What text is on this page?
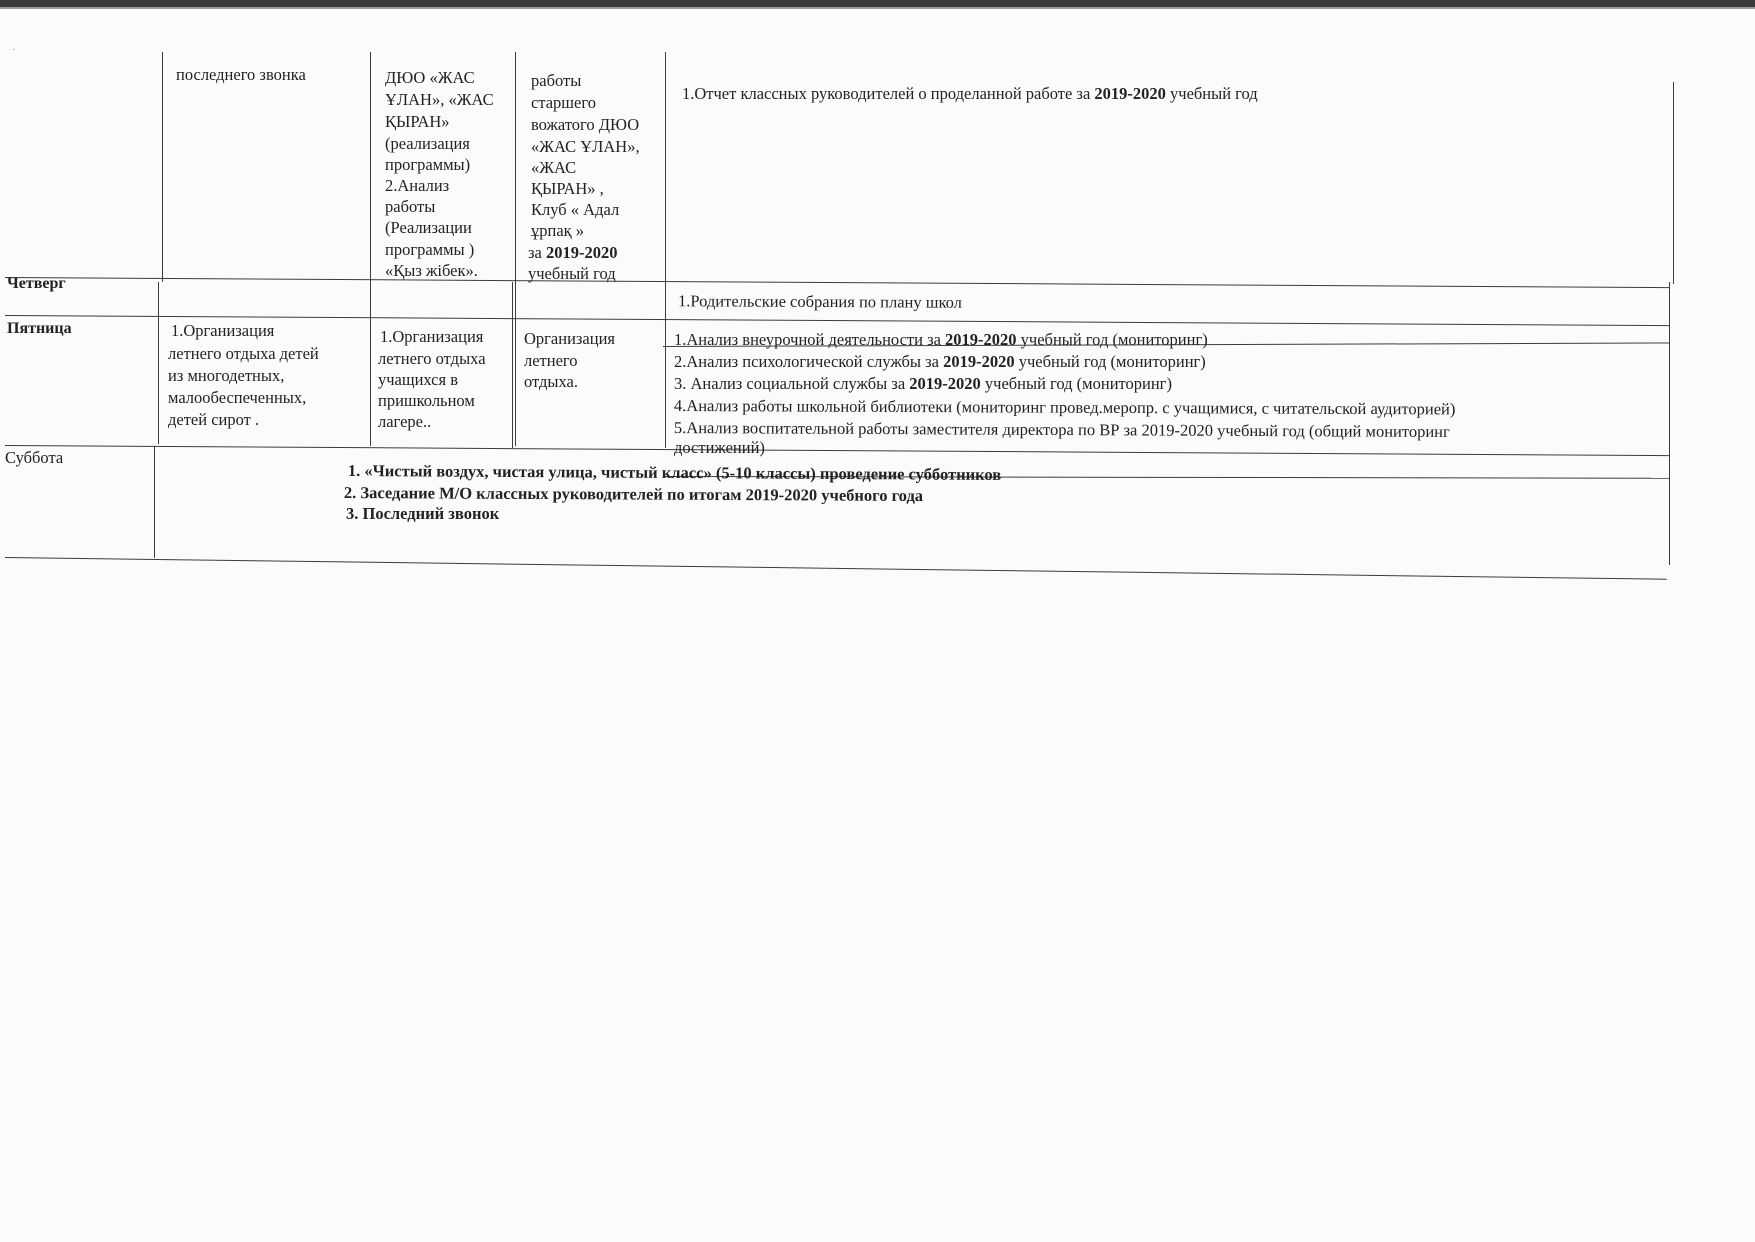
·
последнего звонка	ДЮО «ЖАС
ҰЛАН», «ЖАС
ҚЫРАН»
(реализация
программы)
2.Анализ
работы
(Реализации
программы )
«Қыз жібек».
работы
старшего
вожатого ДЮО
«ЖАС ҰЛАН»,
«ЖАС
ҚЫРАН» ,
Клуб « Адал
ұрпақ »
за 2019-2020
учебный год
1.Отчет классных руководителей о проделанной работе за 2019-2020 учебный год
Четверг
1.Родительские собрания по плану школ
Пятница	1.Организация
летнего отдыха детей
из многодетных,
малообеспеченных,
детей сирот .
1.Организация
летнего отдыха
учащихся в
пришкольном
лагере..
Организация
летнего
отдыха.
1.Анализ внеурочной деятельности за 2019-2020 учебный год (мониторинг)
2.Анализ психологической службы за 2019-2020 учебный год (мониторинг)
3. Анализ социальной службы за 2019-2020 учебный год (мониторинг)
4.Анализ работы школьной библиотеки (мониторинг провед.меропр. с учащимися, с читательской аудиторией)
5.Анализ воспитательной работы заместителя директора по ВР за 2019-2020 учебный год (общий мониторинг
достижений)
Суббота
1. «Чистый воздух, чистая улица, чистый класс» (5-10 классы) проведение субботников
2. Заседание М/О классных руководителей по итогам 2019-2020 учебного года
3. Последний звонок
